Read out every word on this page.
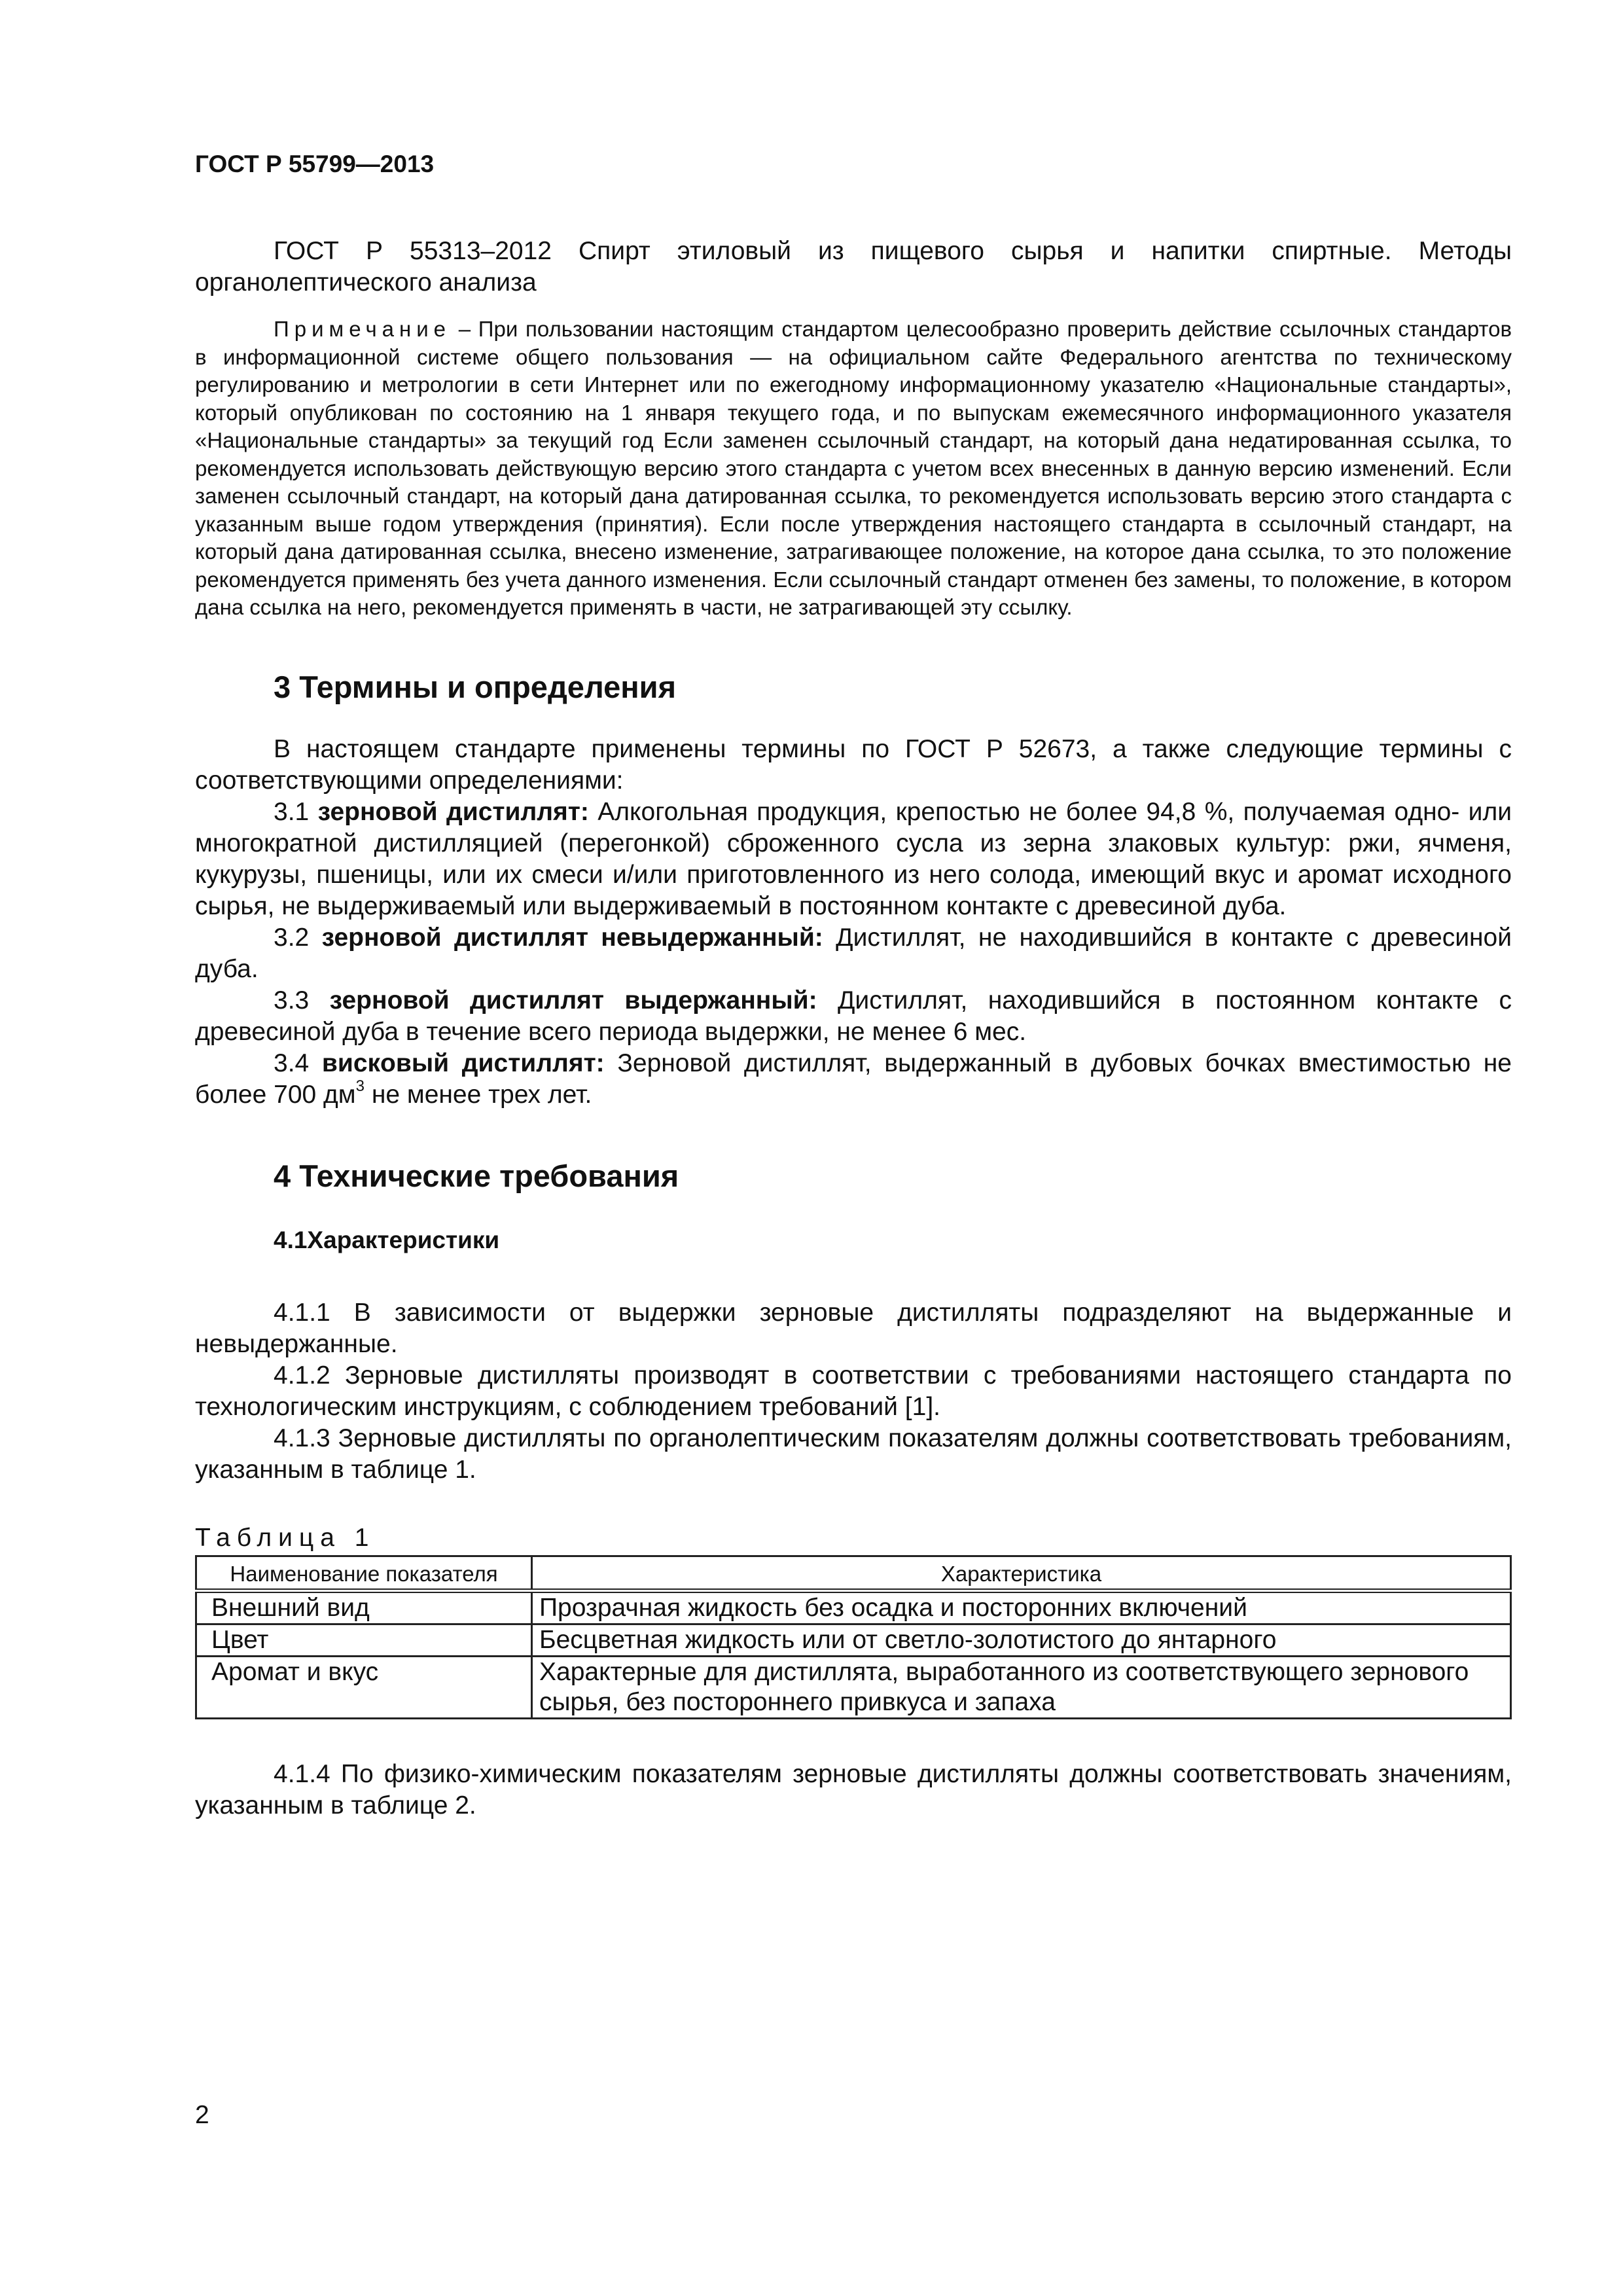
ГОСТ Р 55799—2013

ГОСТ Р 55313–2012 Спирт этиловый из пищевого сырья и напитки спиртные. Методы органолептического анализа

Примечание – При пользовании настоящим стандартом целесообразно проверить действие ссылочных стандартов в информационной системе общего пользования — на официальном сайте Федерального агентства по техническому регулированию и метрологии в сети Интернет или по ежегодному информационному указателю «Национальные стандарты», который опубликован по состоянию на 1 января текущего года, и по выпускам ежемесячного информационного указателя «Национальные стандарты» за текущий год Если заменен ссылочный стандарт, на который дана недатированная ссылка, то рекомендуется использовать действующую версию этого стандарта с учетом всех внесенных в данную версию изменений. Если заменен ссылочный стандарт, на который дана датированная ссылка, то рекомендуется использовать версию этого стандарта с указанным выше годом утверждения (принятия). Если после утверждения настоящего стандарта в ссылочный стандарт, на который дана датированная ссылка, внесено изменение, затрагивающее положение, на которое дана ссылка, то это положение рекомендуется применять без учета данного изменения. Если ссылочный стандарт отменен без замены, то положение, в котором дана ссылка на него, рекомендуется применять в части, не затрагивающей эту ссылку.

3 Термины и определения

В настоящем стандарте применены термины по ГОСТ Р 52673, а также следующие термины с соответствующими определениями:

3.1 зерновой дистиллят: Алкогольная продукция, крепостью не более 94,8 %, получаемая одно- или многократной дистилляцией (перегонкой) сброженного сусла из зерна злаковых культур: ржи, ячменя, кукурузы, пшеницы, или их смеси и/или приготовленного из него солода, имеющий вкус и аромат исходного сырья, не выдерживаемый или выдерживаемый в постоянном контакте с древесиной дуба.

3.2 зерновой дистиллят невыдержанный: Дистиллят, не находившийся в контакте с древесиной дуба.

3.3 зерновой дистиллят выдержанный: Дистиллят, находившийся в постоянном контакте с древесиной дуба в течение всего периода выдержки, не менее 6 мес.

3.4 вискoвый дистиллят: Зерновой дистиллят, выдержанный в дубовых бочках вместимостью не более 700 $дм^3$ не менее трех лет.

4 Технические требования
4.1Характеристики

4.1.1 В зависимости от выдержки зерновые дистилляты подразделяют на выдержанные и невыдержанные.

4.1.2 Зерновые дистилляты производят в соответствии с требованиями настоящего стандарта по технологическим инструкциям, с соблюдением требований [1].

4.1.3 Зерновые дистилляты по органолептическим показателям должны соответствовать требованиям, указанным в таблице 1.

Таблица 1
Наименование показателя	Характеристика
Внешний вид	Прозрачная жидкость без осадка и посторонних включений
Цвет	Бесцветная жидкость или от светло-золотистого до янтарного
Аромат и вкус	Характерные для дистиллята, выработанного из соответствующего зернового сырья, без постороннего привкуса и запаха

4.1.4 По физико-химическим показателям зерновые дистилляты должны соответствовать значениям, указанным в таблице 2.

2
